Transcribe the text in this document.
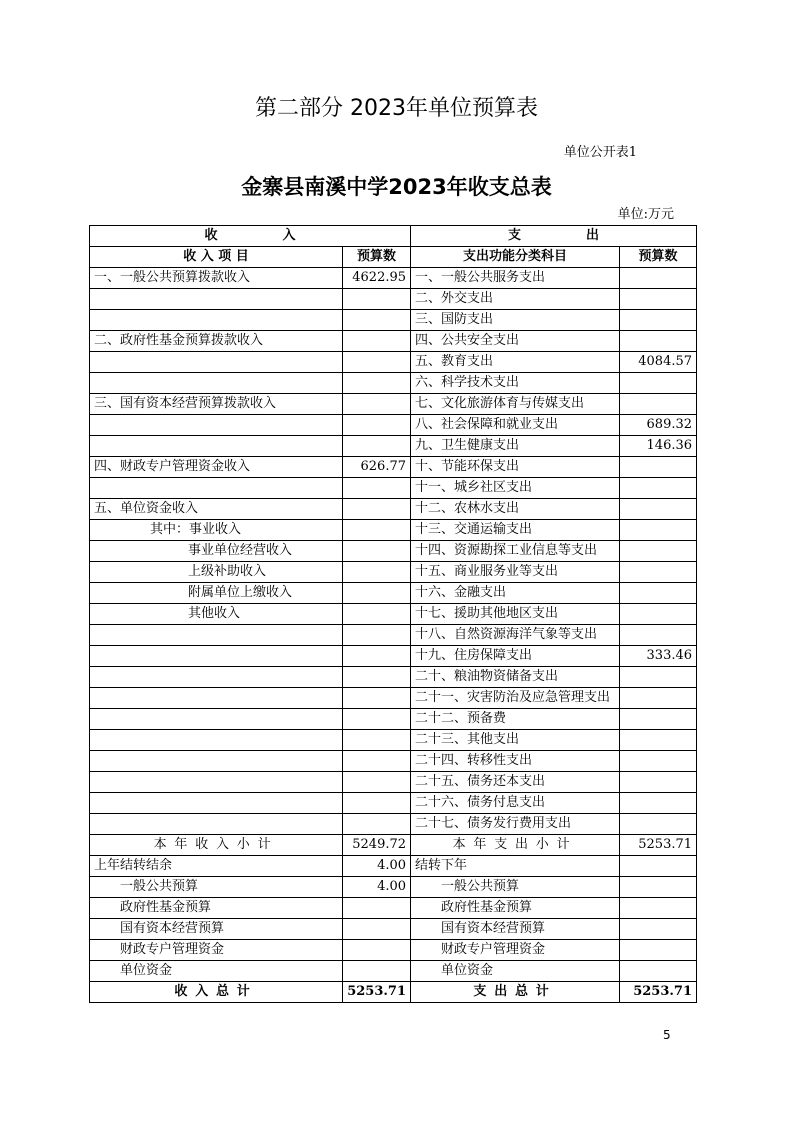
第二部分 2023年单位预算表
单位公开表1
金寨县南溪中学2023年收支总表
单位:万元
收　　　　　入		支　　　　　出	
收 入 项 目	预算数	支出功能分类科目	预算数
一、一般公共预算拨款收入	4622.95	一、一般公共服务支出	
		二、外交支出	
		三、国防支出	
二、政府性基金预算拨款收入		四、公共安全支出	
		五、教育支出	4084.57
		六、科学技术支出	
三、国有资本经营预算拨款收入		七、文化旅游体育与传媒支出	
		八、社会保障和就业支出	689.32
		九、卫生健康支出	146.36
四、财政专户管理资金收入	626.77	十、节能环保支出	
		十一、城乡社区支出	
五、单位资金收入		十二、农林水支出	
其中：事业收入		十三、交通运输支出	
事业单位经营收入		十四、资源勘探工业信息等支出	
上级补助收入		十五、商业服务业等支出	
附属单位上缴收入		十六、金融支出	
其他收入		十七、援助其他地区支出	
		十八、自然资源海洋气象等支出	
		十九、住房保障支出	333.46
		二十、粮油物资储备支出	
		二十一、灾害防治及应急管理支出	
		二十二、预备费	
		二十三、其他支出	
		二十四、转移性支出	
		二十五、债务还本支出	
		二十六、债务付息支出	
		二十七、债务发行费用支出	
本年收入小计	5249.72	本年支出小计	5253.71
上年结转结余	4.00	结转下年	
一般公共预算	4.00	一般公共预算	
政府性基金预算		政府性基金预算	
国有资本经营预算		国有资本经营预算	
财政专户管理资金		财政专户管理资金	
单位资金		单位资金	
收入总计	5253.71	支出总计	5253.71
5
